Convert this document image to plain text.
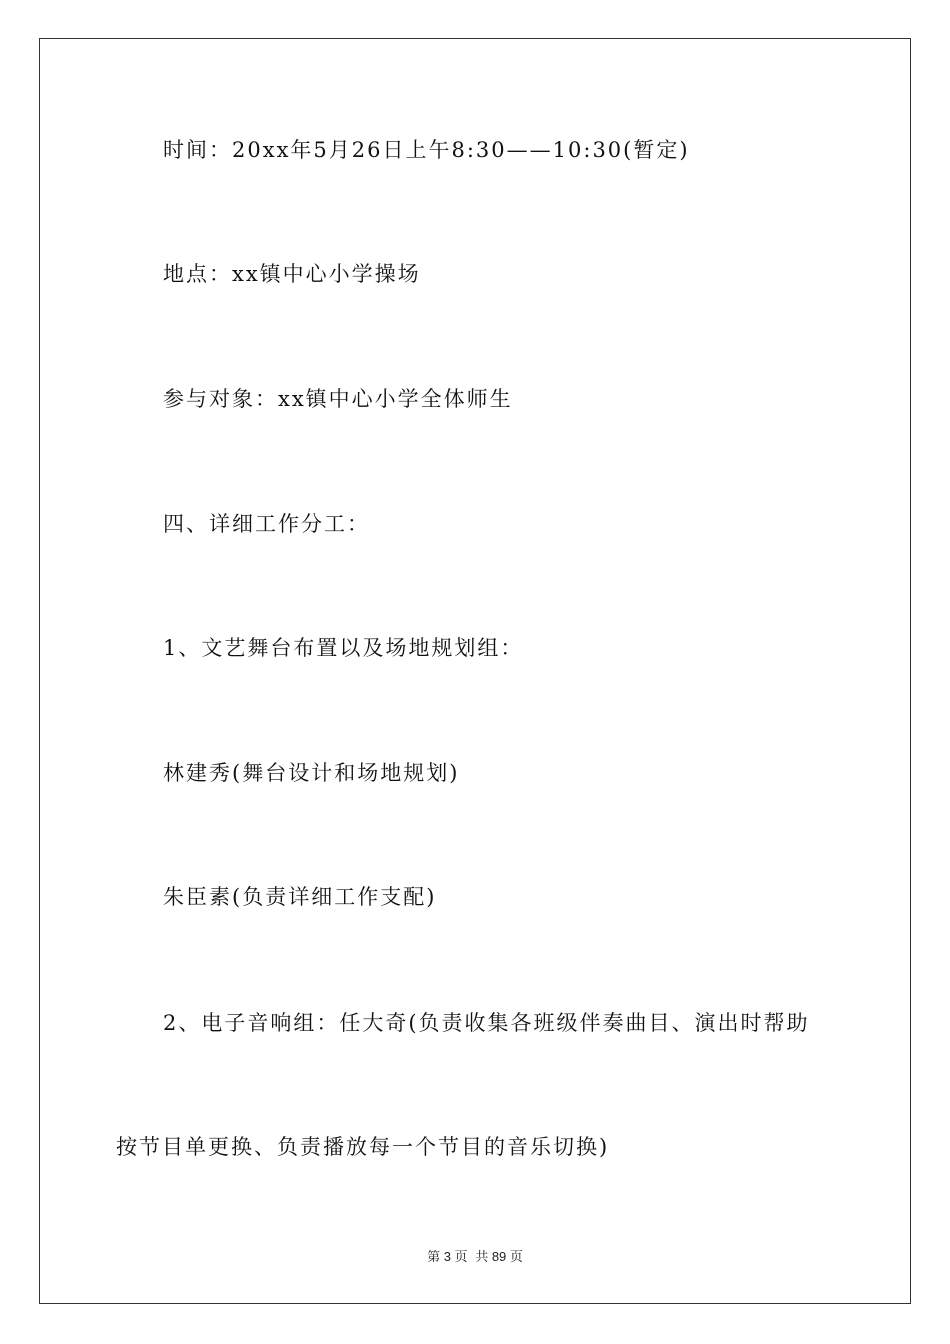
时间：20xx年5月26日上午8:30——10:30(暂定)
地点：xx镇中心小学操场
参与对象：xx镇中心小学全体师生
四、详细工作分工：
1、文艺舞台布置以及场地规划组：
林建秀(舞台设计和场地规划)
朱臣素(负责详细工作支配)
2、电子音响组：任大奇(负责收集各班级伴奏曲目、演出时帮助
按节目单更换、负责播放每一个节目的音乐切换)
第 3 页 共 89 页
